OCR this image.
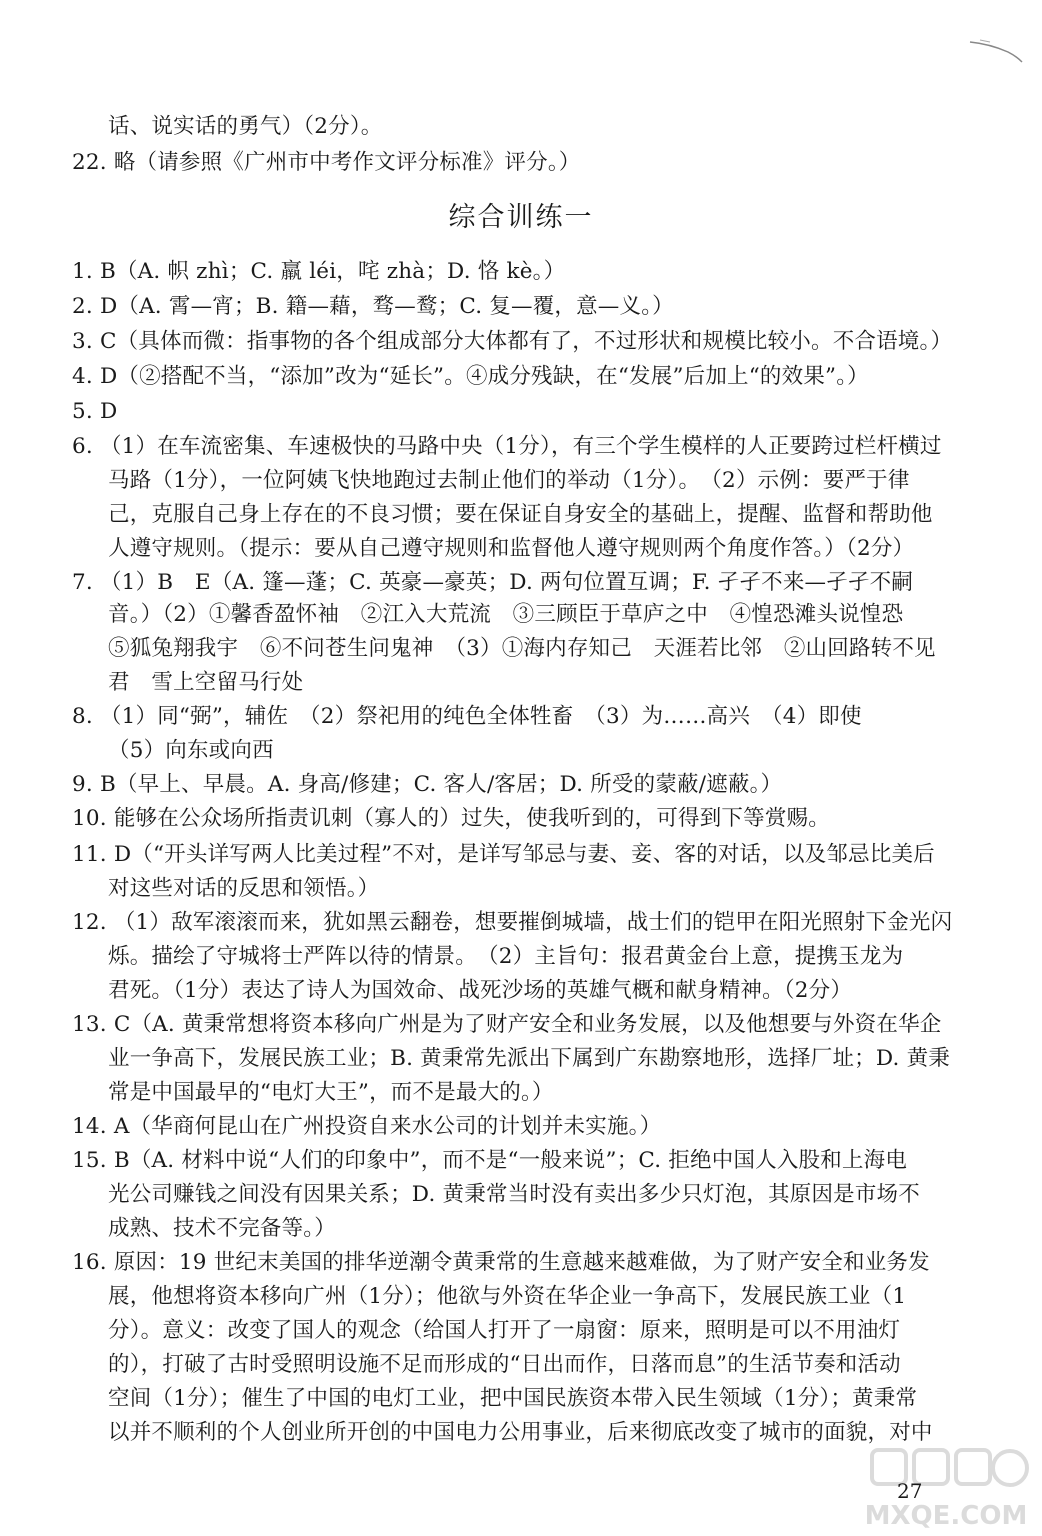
话、说实话的勇气）（2分）。
22. 略（请参照《广州市中考作文评分标准》评分。）
综合训练一
1. B（A. 帜 zhì；C. 羸 léi，咤 zhà；D. 恪 kè。）
2. D（A. 霄—宵；B. 籍—藉，骛—鹜；C. 复—覆，意—义。）
3. C（具体而微：指事物的各个组成部分大体都有了，不过形状和规模比较小。不合语境。）
4. D（②搭配不当，“添加”改为“延长”。④成分残缺，在“发展”后加上“的效果”。）
5. D
6. （1）在车流密集、车速极快的马路中央（1分），有三个学生模样的人正要跨过栏杆横过
马路（1分），一位阿姨飞快地跑过去制止他们的举动（1分）。　（2）示例：要严于律
己，克服自己身上存在的不良习惯；要在保证自身安全的基础上，提醒、监督和帮助他
人遵守规则。（提示：要从自己遵守规则和监督他人遵守规则两个角度作答。）（2分）
7. （1）B　E（A. 篷—蓬；C. 英豪—豪英；D. 两句位置互调；F. 孑孑不来—孑孑不嗣
音。）（2）①馨香盈怀袖　②江入大荒流　③三顾臣于草庐之中　④惶恐滩头说惶恐
⑤狐兔翔我宇　⑥不问苍生问鬼神　（3）①海内存知己　天涯若比邻　②山回路转不见
君　雪上空留马行处
8. （1）同“弼”，辅佐　（2）祭祀用的纯色全体牲畜　（3）为……高兴　（4）即使
（5）向东或向西
9. B（早上、早晨。A. 身高/修建；C. 客人/客居；D. 所受的蒙蔽/遮蔽。）
10. 能够在公众场所指责讥刺（寡人的）过失，使我听到的，可得到下等赏赐。
11. D（“开头详写两人比美过程”不对，是详写邹忌与妻、妾、客的对话，以及邹忌比美后
对这些对话的反思和领悟。）
12. （1）敌军滚滚而来，犹如黑云翻卷，想要摧倒城墙，战士们的铠甲在阳光照射下金光闪
烁。描绘了守城将士严阵以待的情景。　（2）主旨句：报君黄金台上意，提携玉龙为
君死。（1分）表达了诗人为国效命、战死沙场的英雄气概和献身精神。（2分）
13. C（A. 黄秉常想将资本移向广州是为了财产安全和业务发展，以及他想要与外资在华企
业一争高下，发展民族工业；B. 黄秉常先派出下属到广东勘察地形，选择厂址；D. 黄秉
常是中国最早的“电灯大王”，而不是最大的。）
14. A（华商何昆山在广州投资自来水公司的计划并未实施。）
15. B（A. 材料中说“人们的印象中”，而不是“一般来说”；C. 拒绝中国人入股和上海电
光公司赚钱之间没有因果关系；D. 黄秉常当时没有卖出多少只灯泡，其原因是市场不
成熟、技术不完备等。）
16. 原因：19 世纪末美国的排华逆潮令黄秉常的生意越来越难做，为了财产安全和业务发
展，他想将资本移向广州（1分）；他欲与外资在华企业一争高下，发展民族工业（1
分）。意义：改变了国人的观念（给国人打开了一扇窗：原来，照明是可以不用油灯
的），打破了古时受照明设施不足而形成的“日出而作，日落而息”的生活节奏和活动
空间（1分）；催生了中国的电灯工业，把中国民族资本带入民生领域（1分）；黄秉常
以并不顺利的个人创业所开创的中国电力公用事业，后来彻底改变了城市的面貌，对中
MXQE.COM
27
